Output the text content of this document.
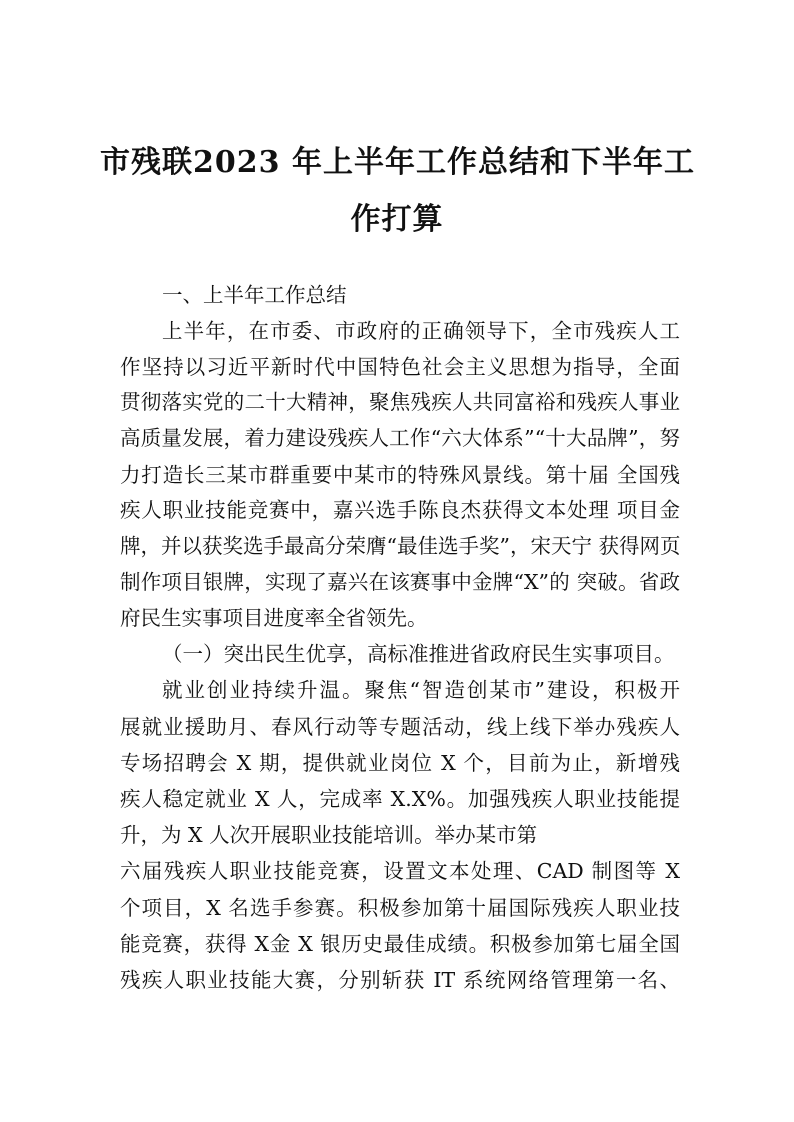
市残联2023 年上半年工作总结和下半年工
作打算
一、上半年工作总结
上半年，在市委、市政府的正确领导下，全市残疾人工
作坚持以习近平新时代中国特色社会主义思想为指导，全面
贯彻落实党的二十大精神，聚焦残疾人共同富裕和残疾人事业
高质量发展，着力建设残疾人工作“六大体系”“十大品牌”，努
力打造长三某市群重要中某市的特殊风景线。第十届 全国残
疾人职业技能竞赛中，嘉兴选手陈良杰获得文本处理 项目金
牌，并以获奖选手最高分荣膺“最佳选手奖”，宋天宁 获得网页
制作项目银牌，实现了嘉兴在该赛事中金牌“X”的 突破。省政
府民生实事项目进度率全省领先。
（一）突出民生优享，高标准推进省政府民生实事项目。
就业创业持续升温。聚焦“智造创某市”建设，积极开
展就业援助月、春风行动等专题活动，线上线下举办残疾人
专场招聘会 X 期，提供就业岗位 X 个，目前为止，新增残
疾人稳定就业 X 人，完成率 X.X%。加强残疾人职业技能提
升，为 X 人次开展职业技能培训。举办某市第
六届残疾人职业技能竞赛，设置文本处理、CAD 制图等 X
个项目，X 名选手参赛。积极参加第十届国际残疾人职业技
能竞赛，获得 X金 X 银历史最佳成绩。积极参加第七届全国
残疾人职业技能大赛，分别斩获 IT 系统网络管理第一名、
